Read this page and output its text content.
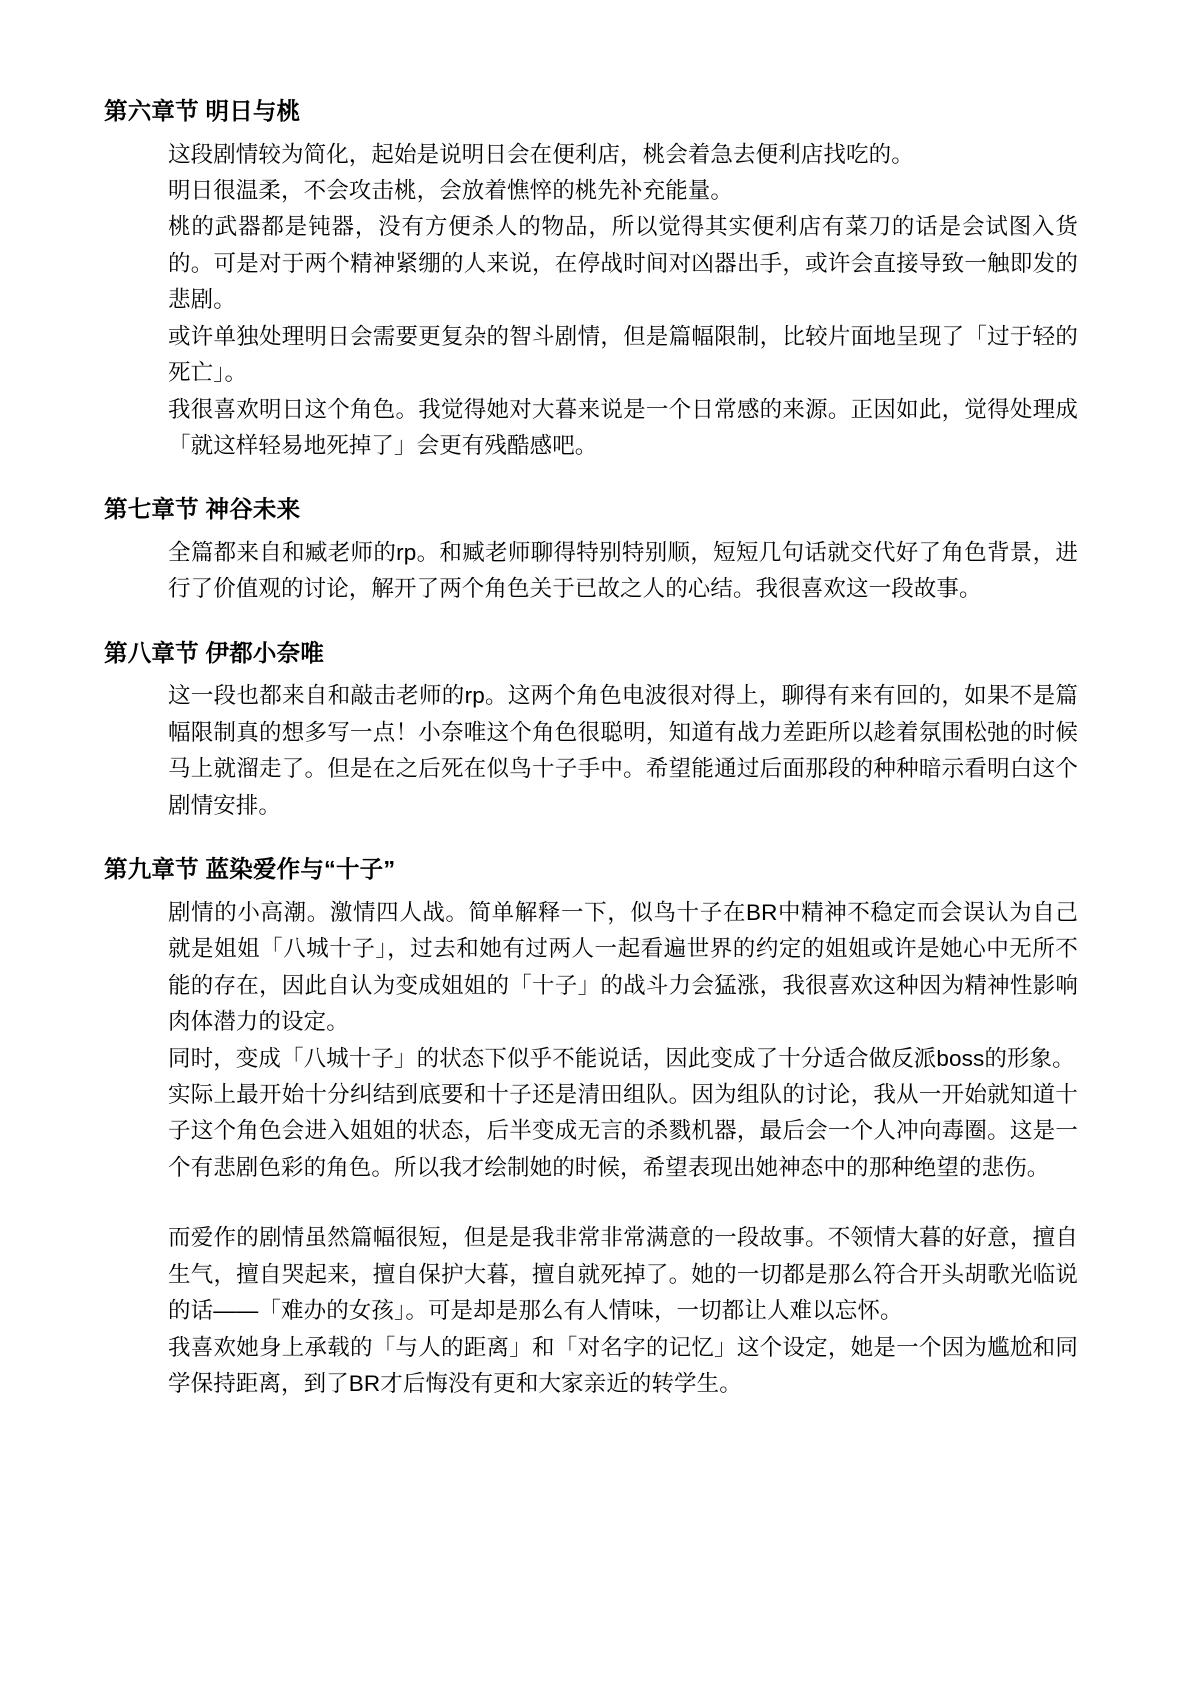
第六章节 明日与桃

这段剧情较为简化，起始是说明日会在便利店，桃会着急去便利店找吃的。

明日很温柔，不会攻击桃，会放着憔悴的桃先补充能量。

桃的武器都是钝器，没有方便杀人的物品，所以觉得其实便利店有菜刀的话是会试图入货的。可是对于两个精神紧绷的人来说，在停战时间对凶器出手，或许会直接导致一触即发的悲剧。

或许单独处理明日会需要更复杂的智斗剧情，但是篇幅限制，比较片面地呈现了「过于轻的死亡」。

我很喜欢明日这个角色。我觉得她对大暮来说是一个日常感的来源。正因如此，觉得处理成「就这样轻易地死掉了」会更有残酷感吧。

第七章节 神谷未来

全篇都来自和臧老师的rp。和臧老师聊得特别特别顺，短短几句话就交代好了角色背景，进行了价值观的讨论，解开了两个角色关于已故之人的心结。我很喜欢这一段故事。

第八章节 伊都小奈唯

这一段也都来自和敲击老师的rp。这两个角色电波很对得上，聊得有来有回的，如果不是篇幅限制真的想多写一点！小奈唯这个角色很聪明，知道有战力差距所以趁着氛围松弛的时候马上就溜走了。但是在之后死在似鸟十子手中。希望能通过后面那段的种种暗示看明白这个剧情安排。

第九章节 蓝染爱作与“十子”

剧情的小高潮。激情四人战。简单解释一下，似鸟十子在BR中精神不稳定而会误认为自己就是姐姐「八城十子」，过去和她有过两人一起看遍世界的约定的姐姐或许是她心中无所不能的存在，因此自认为变成姐姐的「十子」的战斗力会猛涨，我很喜欢这种因为精神性影响肉体潜力的设定。

同时，变成「八城十子」的状态下似乎不能说话，因此变成了十分适合做反派boss的形象。

实际上最开始十分纠结到底要和十子还是清田组队。因为组队的讨论，我从一开始就知道十子这个角色会进入姐姐的状态，后半变成无言的杀戮机器，最后会一个人冲向毒圈。这是一个有悲剧色彩的角色。所以我才绘制她的时候，希望表现出她神态中的那种绝望的悲伤。

而爱作的剧情虽然篇幅很短，但是是我非常非常满意的一段故事。不领情大暮的好意，擅自生气，擅自哭起来，擅自保护大暮，擅自就死掉了。她的一切都是那么符合开头胡歌光临说的话——「难办的女孩」。可是却是那么有人情味，一切都让人难以忘怀。

我喜欢她身上承载的「与人的距离」和「对名字的记忆」这个设定，她是一个因为尴尬和同学保持距离，到了BR才后悔没有更和大家亲近的转学生。
